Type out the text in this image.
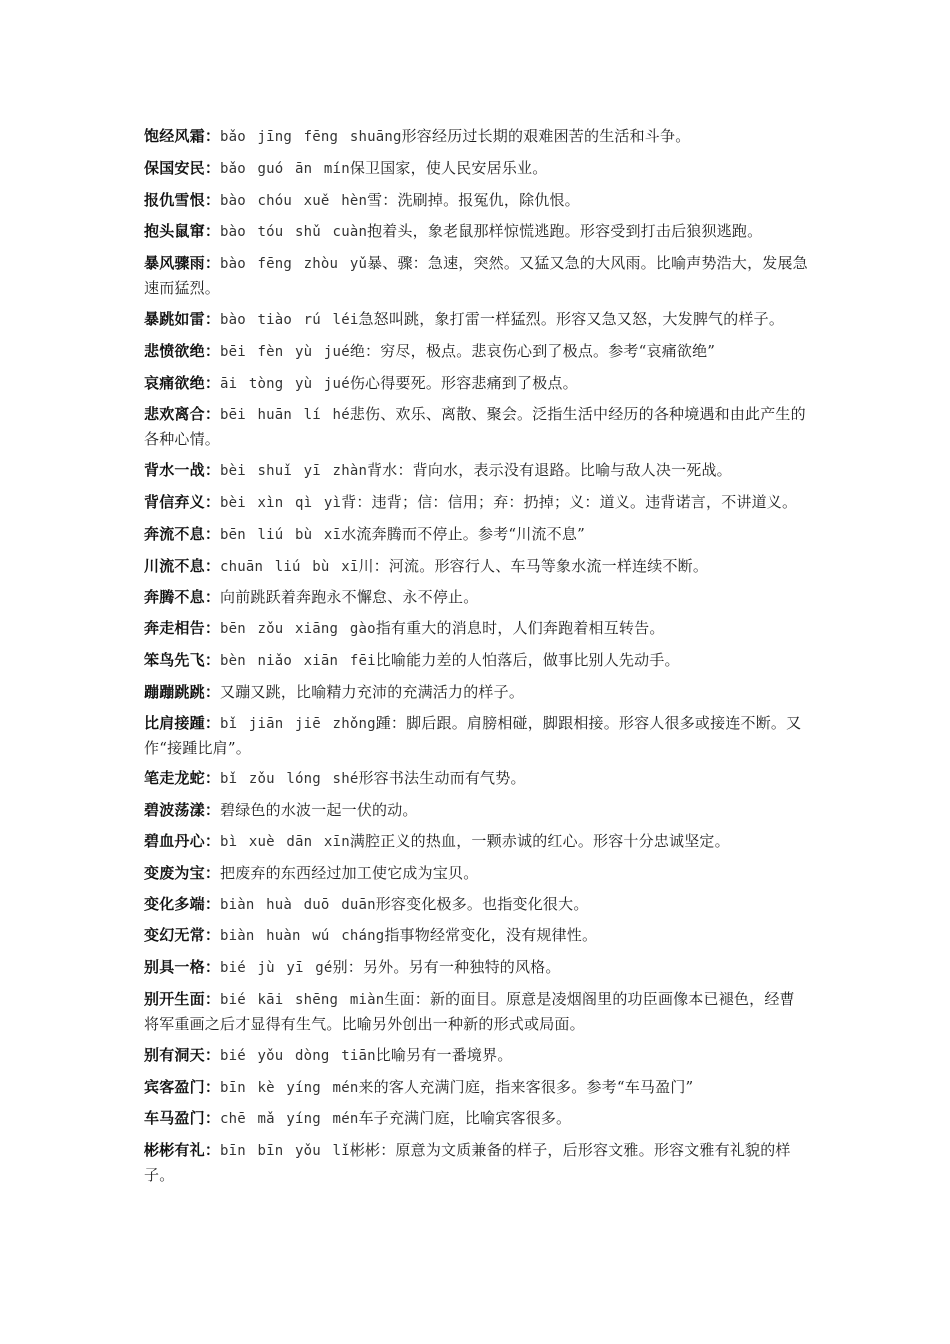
饱经风霜：bǎo jīng fēng shuāng形容经历过长期的艰难困苦的生活和斗争。

保国安民：bǎo guó ān mín保卫国家，使人民安居乐业。

报仇雪恨：bào chóu xuě hèn雪：洗刷掉。报冤仇，除仇恨。

抱头鼠窜：bào tóu shǔ cuàn抱着头，象老鼠那样惊慌逃跑。形容受到打击后狼狈逃跑。

暴风骤雨：bào fēng zhòu yǔ暴、骤：急速，突然。又猛又急的大风雨。比喻声势浩大，发展急速而猛烈。

暴跳如雷：bào tiào rú léi急怒叫跳，象打雷一样猛烈。形容又急又怒，大发脾气的样子。

悲愤欲绝：bēi fèn yù jué绝：穷尽，极点。悲哀伤心到了极点。参考“哀痛欲绝”

哀痛欲绝：āi tòng yù jué伤心得要死。形容悲痛到了极点。

悲欢离合：bēi huān lí hé悲伤、欢乐、离散、聚会。泛指生活中经历的各种境遇和由此产生的各种心情。

背水一战：bèi shuǐ yī zhàn背水：背向水，表示没有退路。比喻与敌人决一死战。

背信弃义：bèi xìn qì yì背：违背；信：信用；弃：扔掉；义：道义。违背诺言，不讲道义。

奔流不息：bēn liú bù xī水流奔腾而不停止。参考“川流不息”

川流不息：chuān liú bù xī川：河流。形容行人、车马等象水流一样连续不断。

奔腾不息：向前跳跃着奔跑永不懈怠、永不停止。

奔走相告：bēn zǒu xiāng gào指有重大的消息时，人们奔跑着相互转告。

笨鸟先飞：bèn niǎo xiān fēi比喻能力差的人怕落后，做事比别人先动手。

蹦蹦跳跳：又蹦又跳，比喻精力充沛的充满活力的样子。

比肩接踵：bǐ jiān jiē zhǒng踵：脚后跟。肩膀相碰，脚跟相接。形容人很多或接连不断。又作“接踵比肩”。

笔走龙蛇：bǐ zǒu lóng shé形容书法生动而有气势。

碧波荡漾：碧绿色的水波一起一伏的动。

碧血丹心：bì xuè dān xīn满腔正义的热血，一颗赤诚的红心。形容十分忠诚坚定。

变废为宝：把废弃的东西经过加工使它成为宝贝。

变化多端：biàn huà duō duān形容变化极多。也指变化很大。

变幻无常：biàn huàn wú cháng指事物经常变化，没有规律性。

别具一格：bié jù yī gé别：另外。另有一种独特的风格。

别开生面：bié kāi shēng miàn生面：新的面目。原意是凌烟阁里的功臣画像本已褪色，经曹将军重画之后才显得有生气。比喻另外创出一种新的形式或局面。

别有洞天：bié yǒu dòng tiān比喻另有一番境界。

宾客盈门：bīn kè yíng mén来的客人充满门庭，指来客很多。参考“车马盈门”

车马盈门：chē mǎ yíng mén车子充满门庭，比喻宾客很多。

彬彬有礼：bīn bīn yǒu lǐ彬彬：原意为文质兼备的样子，后形容文雅。形容文雅有礼貌的样子。
